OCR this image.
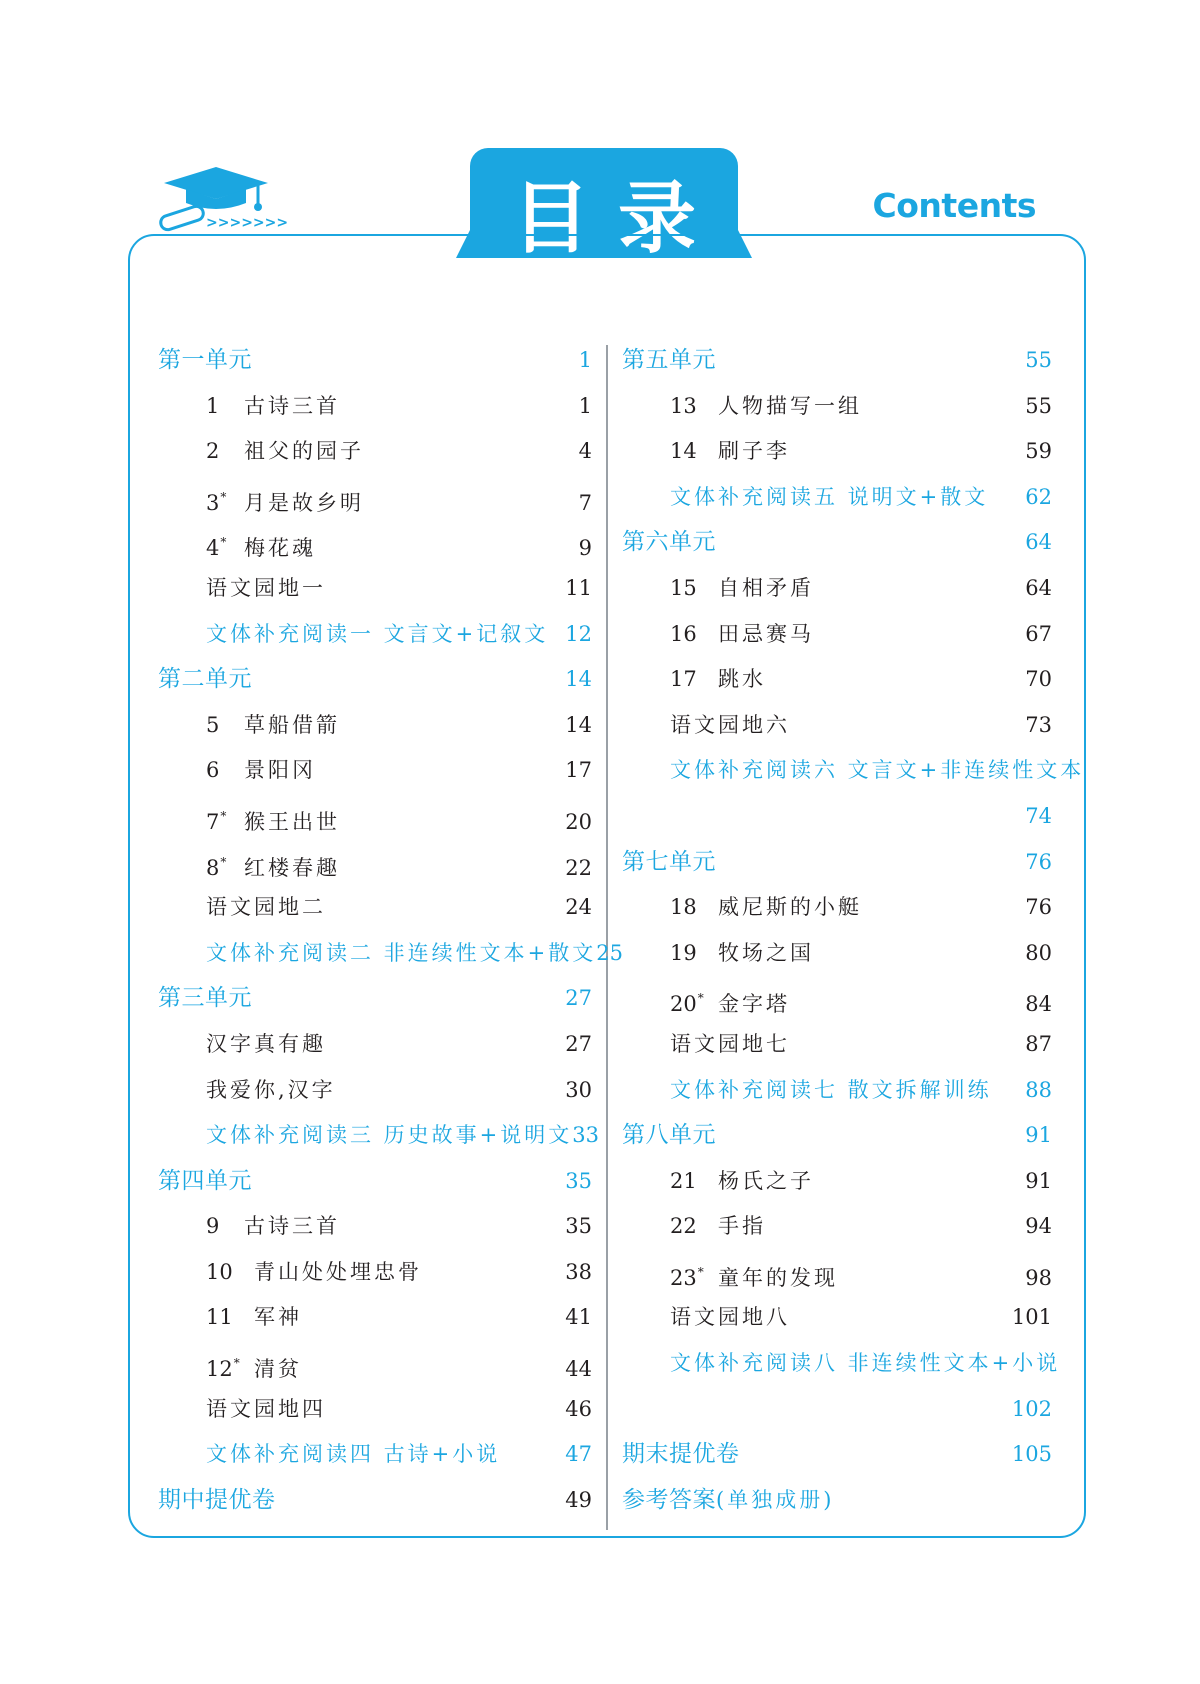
>>>>>>>	目录	Contents
第一单元	1
1 古诗三首	1
2 祖父的园子	4
3* 月是故乡明	7
4* 梅花魂	9
语文园地一	11
文体补充阅读一 文言文+记叙文 12
第二单元	14
5 草船借箭	14
6 景阳冈	17
7* 猴王出世	20
8* 红楼春趣	22
语文园地二	24
文体补充阅读二 非连续性文本+散文 25
第三单元	27
汉字真有趣	27
我爱你,汉字	30
文体补充阅读三 历史故事+说明文 33
第四单元	35
9 古诗三首	35
10 青山处处埋忠骨	38
11 军神	41
12* 清贫	44
语文园地四	46
文体补充阅读四 古诗+小说	47
期中提优卷	49
第五单元	55
13 人物描写一组	55
14 刷子李	59
文体补充阅读五 说明文+散文 62
第六单元	64
15 自相矛盾	64
16 田忌赛马	67
17 跳水	70
语文园地六	73
文体补充阅读六 文言文+非连续性文本
74
第七单元	76
18 威尼斯的小艇	76
19 牧场之国	80
20* 金字塔	84
语文园地七	87
文体补充阅读七 散文拆解训练 88
第八单元	91
21 杨氏之子	91
22 手指	94
23* 童年的发现	98
语文园地八	101
文体补充阅读八 非连续性文本+小说
102
期末提优卷	105
参考答案(单独成册)
